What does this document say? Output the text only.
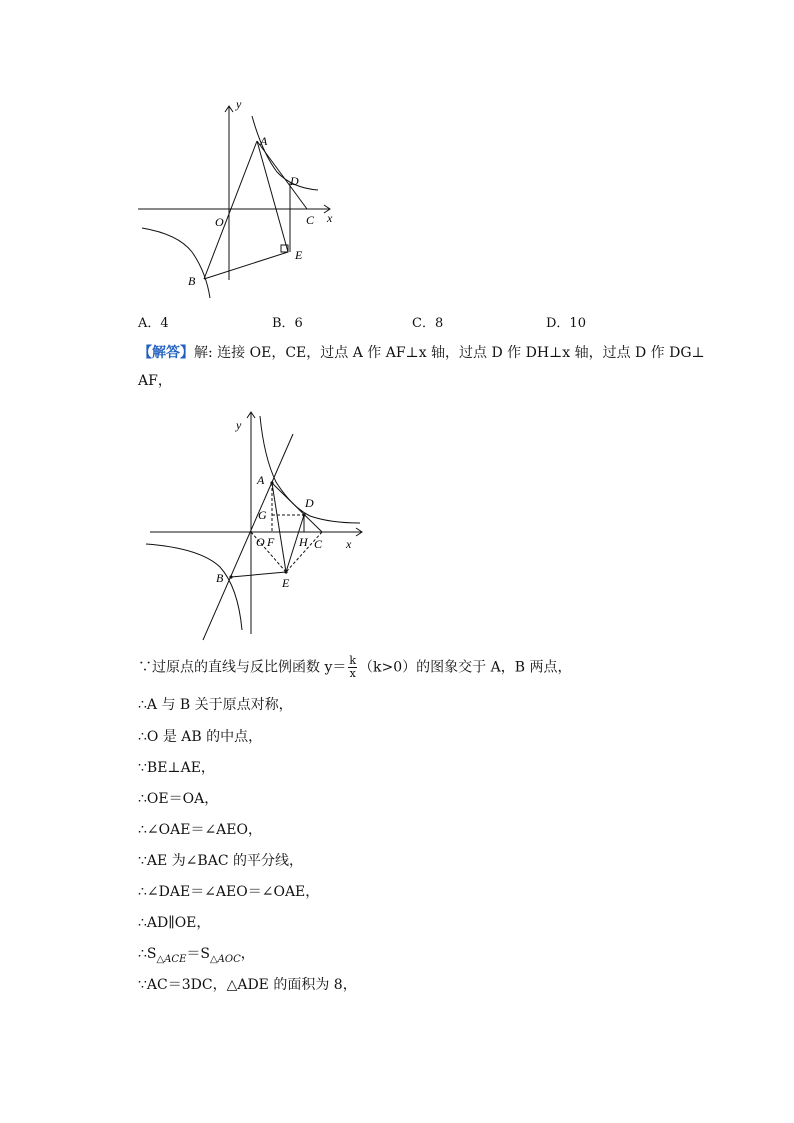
y
A
D
O	C x
E
B
A．4	B．6	C．8	D．10
【解答】解: 连接 OE，CE，过点 A 作 AF⊥x 轴，过点 D 作 DH⊥x 轴，过点 D 作 DG⊥
AF，
y
A
D
G
O F H C x
B	E
∵过原点的直线与反比例函数 $y= \frac{k}{x} (k>0)$的图象交于 A，B 两点，
∴A 与 B 关于原点对称，
∴O 是 AB 的中点，
∵BE⊥AE，
∴OE＝OA，
∴∠OAE＝∠AEO，
∵AE 为∠BAC 的平分线，
∴∠DAE＝∠AEO＝∠OAE，
∴AD∥OE，
$\therefore S_{\triangle ACE}=S_{\triangle AOC}$，
∵AC＝3DC，△ADE 的面积为 8，
